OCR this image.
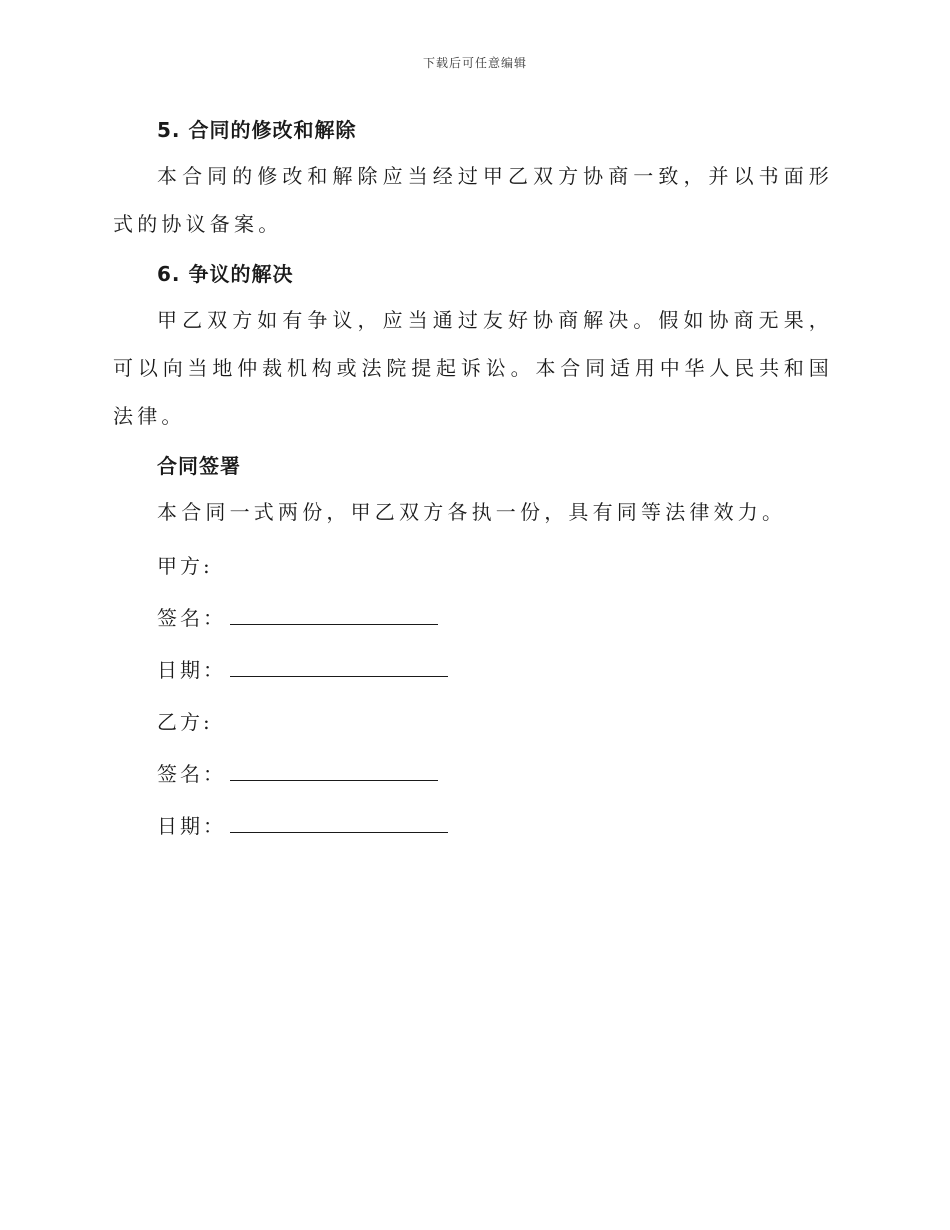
下载后可任意编辑
5. 合同的修改和解除

本合同的修改和解除应当经过甲乙双方协商一致，并以书面形式的协议备案。

6. 争议的解决

甲乙双方如有争议，应当通过友好协商解决。假如协商无果，可以向当地仲裁机构或法院提起诉讼。本合同适用中华人民共和国法律。

合同签署

本合同一式两份，甲乙双方各执一份，具有同等法律效力。

甲方:
签名：
日期：
乙方:
签名：
日期：
